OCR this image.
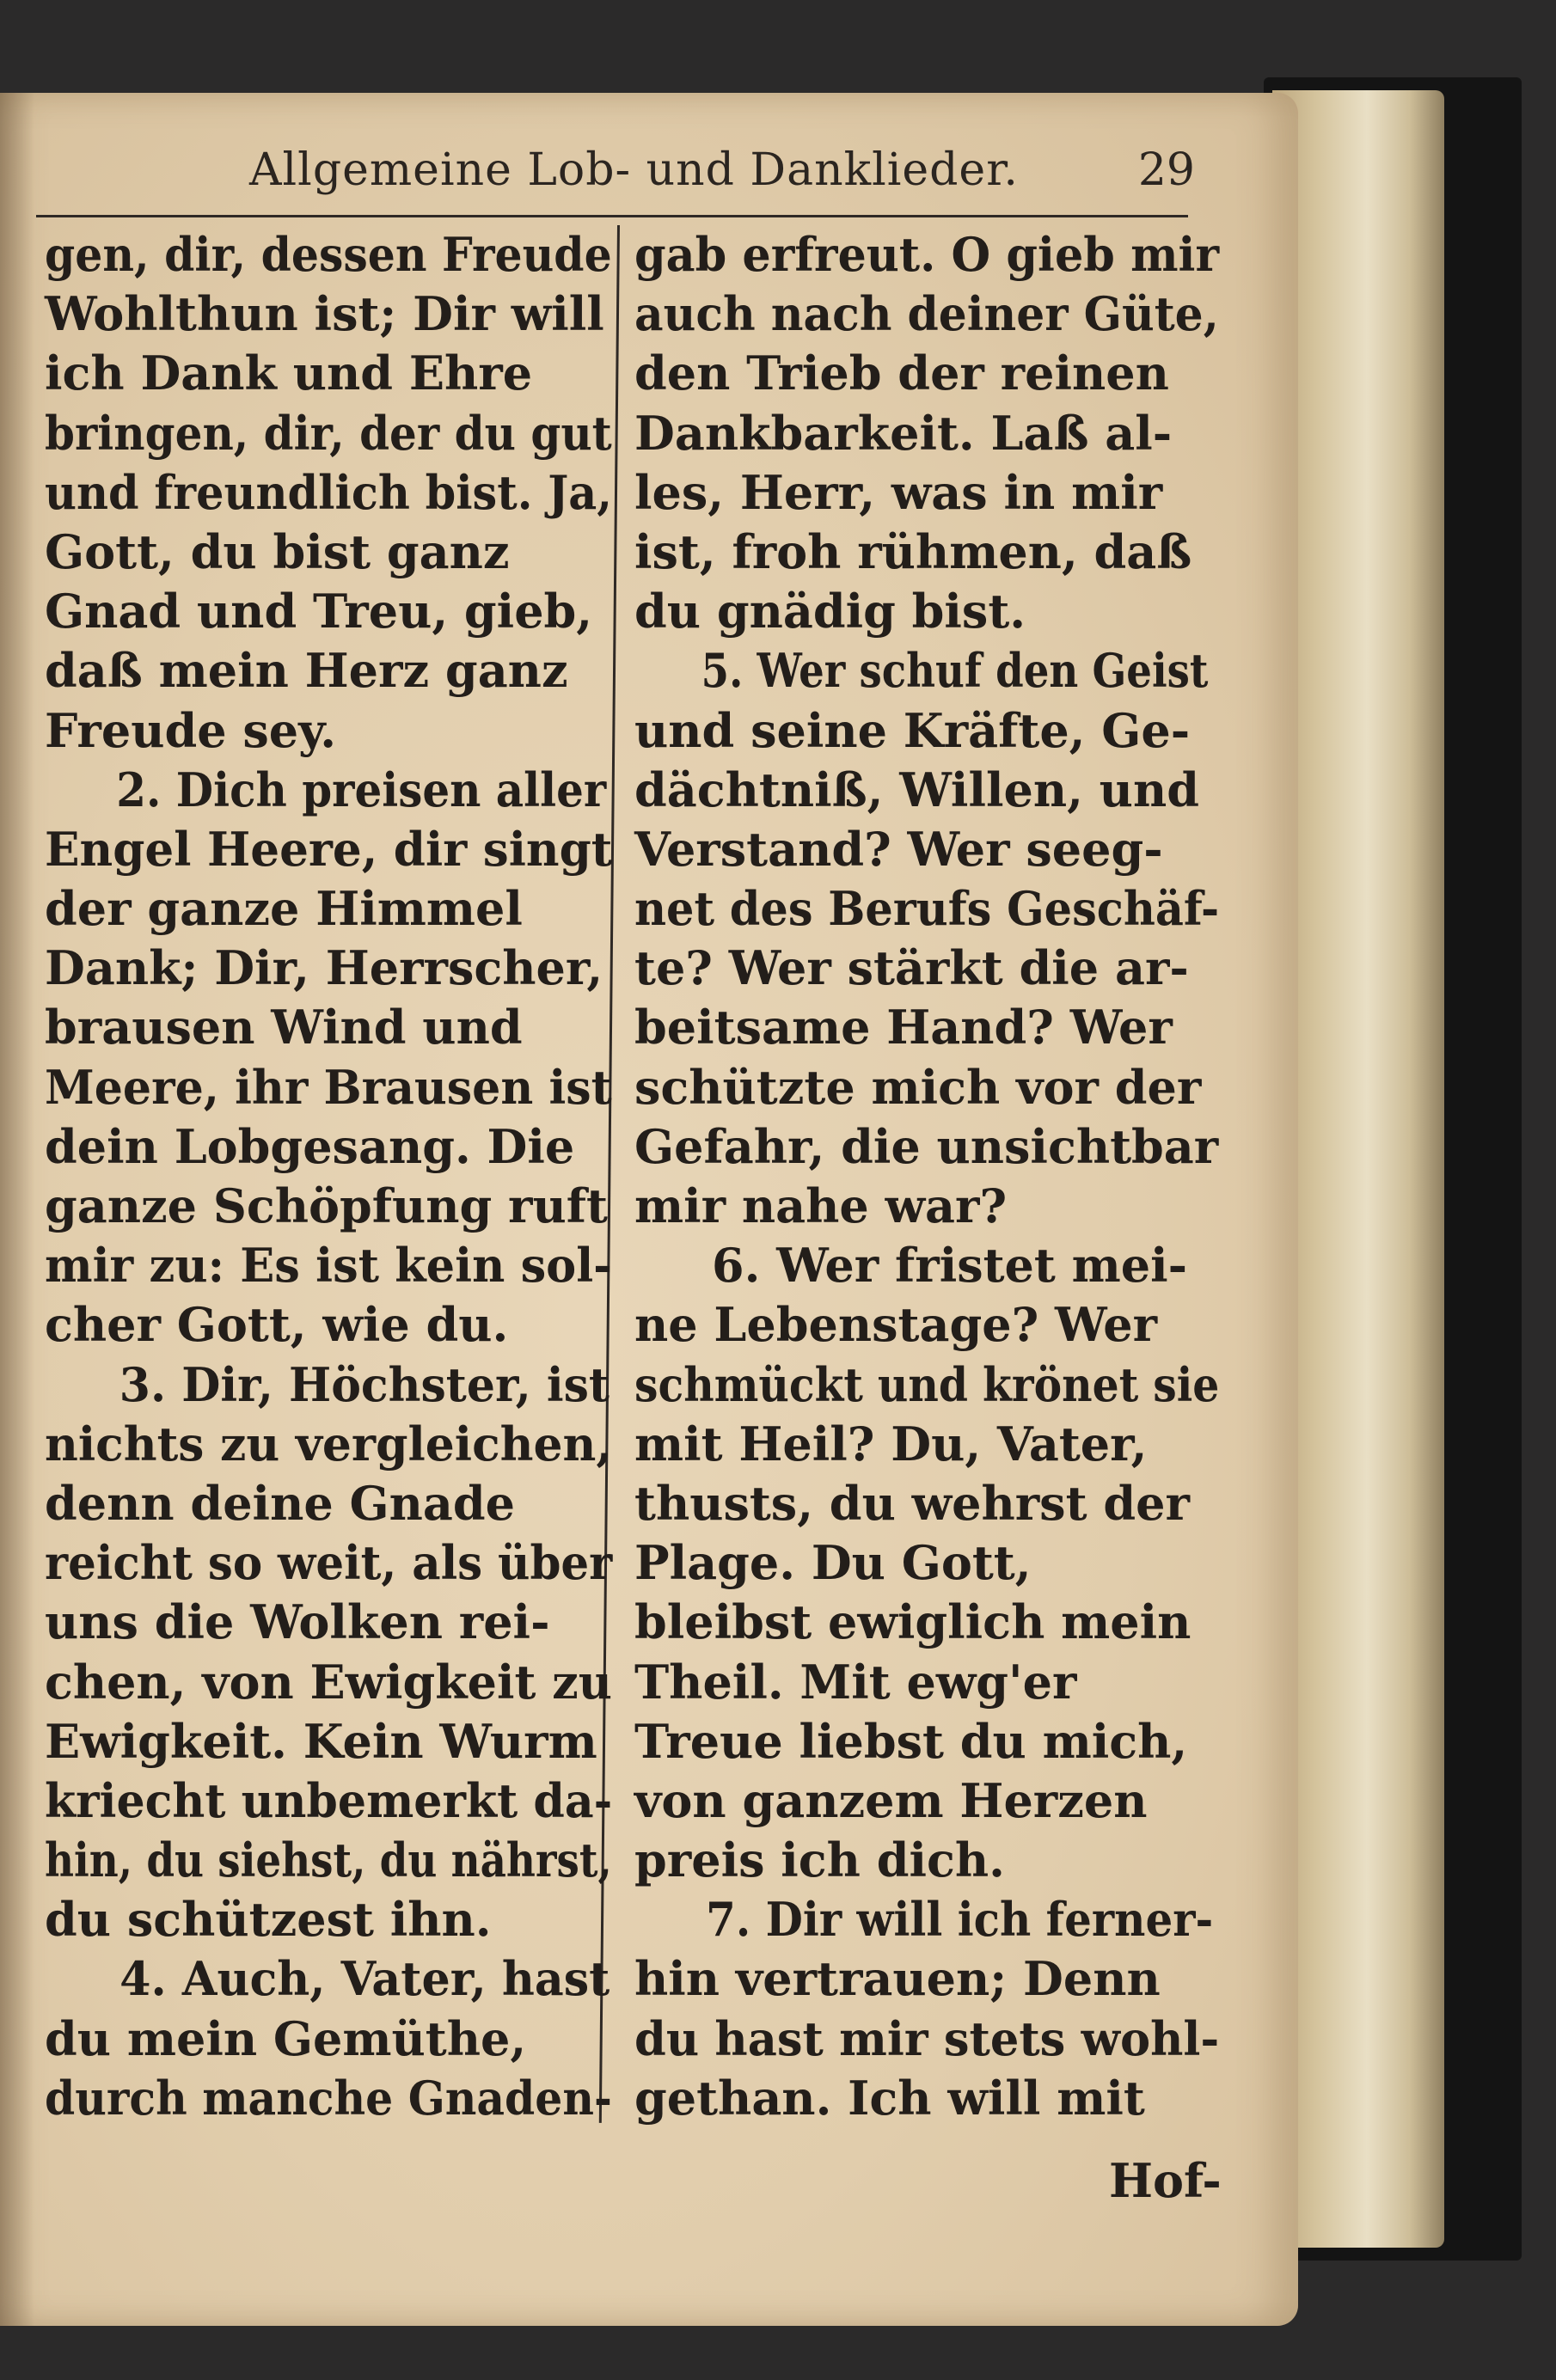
Allgemeine Lob- und Danklieder.	29
gen, dir, dessen Freude
Wohlthun ist; Dir will
ich Dank und Ehre
bringen, dir, der du gut
und freundlich bist. Ja,
Gott, du bist ganz
Gnad und Treu, gieb,
daß mein Herz ganz
Freude sey.
2. Dich preisen aller
Engel Heere, dir singt
der ganze Himmel
Dank; Dir, Herrscher,
brausen Wind und
Meere, ihr Brausen ist
dein Lobgesang. Die
ganze Schöpfung ruft
mir zu: Es ist kein sol-
cher Gott, wie du.
3. Dir, Höchster, ist
nichts zu vergleichen,
denn deine Gnade
reicht so weit, als über
uns die Wolken rei-
chen, von Ewigkeit zu
Ewigkeit. Kein Wurm
kriecht unbemerkt da-
hin, du siehst, du nährst,
du schützest ihn.
4. Auch, Vater, hast
du mein Gemüthe,
durch manche Gnaden-
gab erfreut. O gieb mir
auch nach deiner Güte,
den Trieb der reinen
Dankbarkeit. Laß al-
les, Herr, was in mir
ist, froh rühmen, daß
du gnädig bist.
5. Wer schuf den Geist
und seine Kräfte, Ge-
dächtniß, Willen, und
Verstand? Wer seeg-
net des Berufs Geschäf-
te? Wer stärkt die ar-
beitsame Hand? Wer
schützte mich vor der
Gefahr, die unsichtbar
mir nahe war?
6. Wer fristet mei-
ne Lebenstage? Wer
schmückt und krönet sie
mit Heil? Du, Vater,
thusts, du wehrst der
Plage. Du Gott,
bleibst ewiglich mein
Theil. Mit ewg'er
Treue liebst du mich,
von ganzem Herzen
preis ich dich.
7. Dir will ich ferner-
hin vertrauen; Denn
du hast mir stets wohl-
gethan. Ich will mit
Hof-
